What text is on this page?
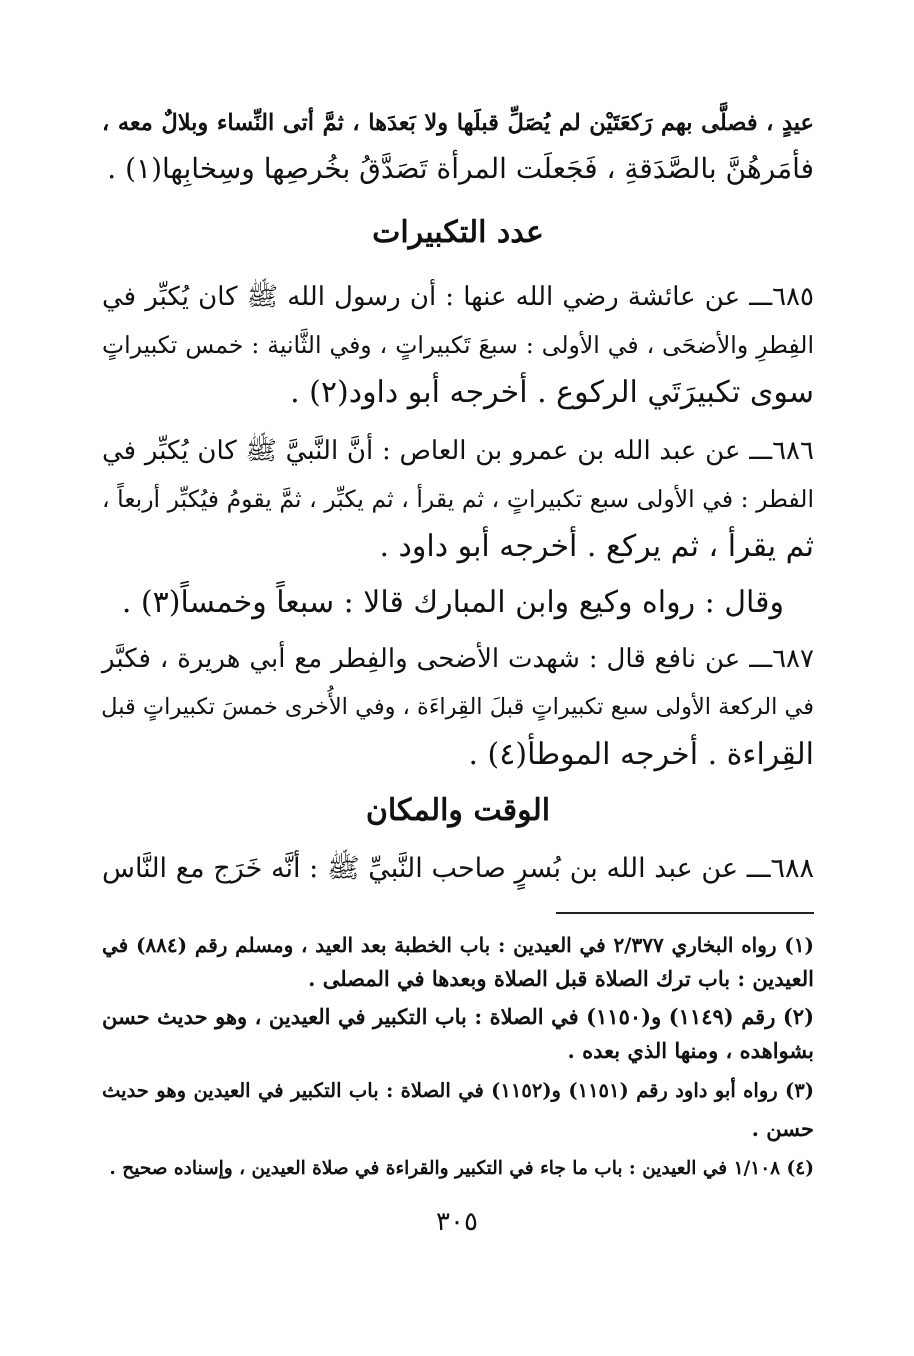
عيدٍ ، فصلَّى بهم رَكعَتَيْن لم يُصَلِّ قبلَها ولا بَعدَها ، ثمَّ أتى النِّساء وبلالٌ معه ،
فأمَرهُنَّ بالصَّدَقةِ ، فَجَعلَت المرأة تَصَدَّقُ بخُرصِها وسِخابِها(١) .
عدد التكبيرات
٦٨٥ـــ عن عائشة رضي الله عنها : أن رسول الله ﷺ كان يُكبِّر في
الفِطرِ والأضحَى ، في الأولى : سبعَ تَكبيراتٍ ، وفي الثَّانية : خمس تكبيراتٍ
سوى تكبيرَتَي الركوع . أخرجه أبو داود(٢) .
٦٨٦ـــ عن عبد الله بن عمرو بن العاص : أنَّ النَّبيَّ ﷺ كان يُكبِّر في
الفطر : في الأولى سبع تكبيراتٍ ، ثم يقرأ ، ثم يكبِّر ، ثمَّ يقومُ فيُكبِّر أربعاً ،
ثم يقرأ ، ثم يركع . أخرجه أبو داود .
وقال : رواه وكيع وابن المبارك قالا : سبعاً وخمساً(٣) .
٦٨٧ـــ عن نافع قال : شهدت الأضحى والفِطر مع أبي هريرة ، فكبَّر
في الركعة الأولى سبع تكبيراتٍ قبلَ القِراءَة ، وفي الأُخرى خمسَ تكبيراتٍ قبل
القِراءة . أخرجه الموطأ(٤) .
الوقت والمكان
٦٨٨ـــ عن عبد الله بن بُسرٍ صاحب النَّبيِّ ﷺ : أنَّه خَرَج مع النَّاس
(١) رواه البخاري ٢/٣٧٧ في العيدين : باب الخطبة بعد العيد ، ومسلم رقم (٨٨٤) في
العيدين : باب ترك الصلاة قبل الصلاة وبعدها في المصلى .
(٢) رقم (١١٤٩) و(١١٥٠) في الصلاة : باب التكبير في العيدين ، وهو حديث حسن
بشواهده ، ومنها الذي بعده .
(٣) رواه أبو داود رقم (١١٥١) و(١١٥٢) في الصلاة : باب التكبير في العيدين وهو حديث
حسن .
(٤) ١/١٠٨ في العيدين : باب ما جاء في التكبير والقراءة في صلاة العيدين ، وإسناده صحيح .
٣٠٥
